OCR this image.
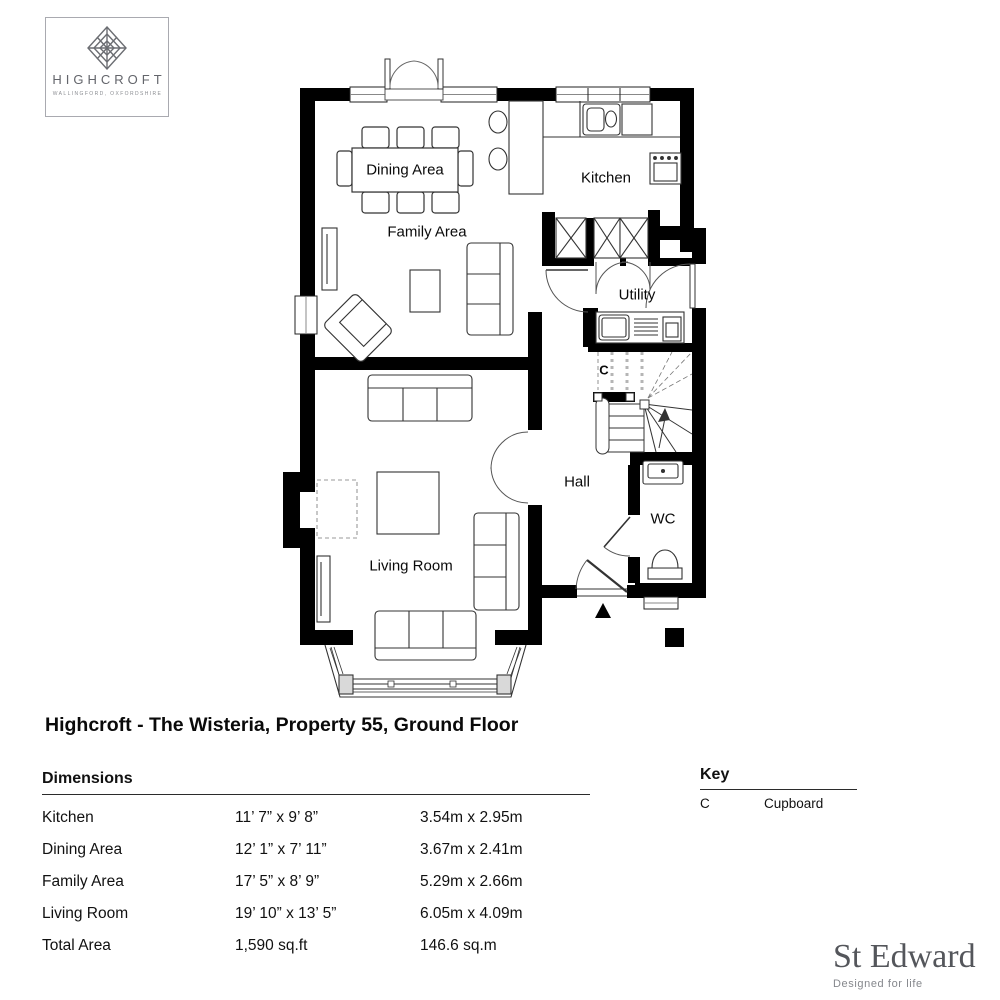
HIGHCROFT
WALLINGFORD, OXFORDSHIRE
Dining Area
Family Area
Kitchen
Utility
Hall
WC
Living Room
C
Highcroft - The Wisteria, Property 55, Ground Floor
Dimensions
Kitchen	11’ 7” x 9’ 8”	3.54m x 2.95m
Dining Area	12’ 1” x 7’ 11”	3.67m x 2.41m
Family Area	17’ 5” x 8’ 9”	5.29m x 2.66m
Living Room	19’ 10” x 13’ 5”	6.05m x 4.09m
Total Area	1,590 sq.ft	146.6 sq.m
Key
C	Cupboard
St Edward
Designed for life
